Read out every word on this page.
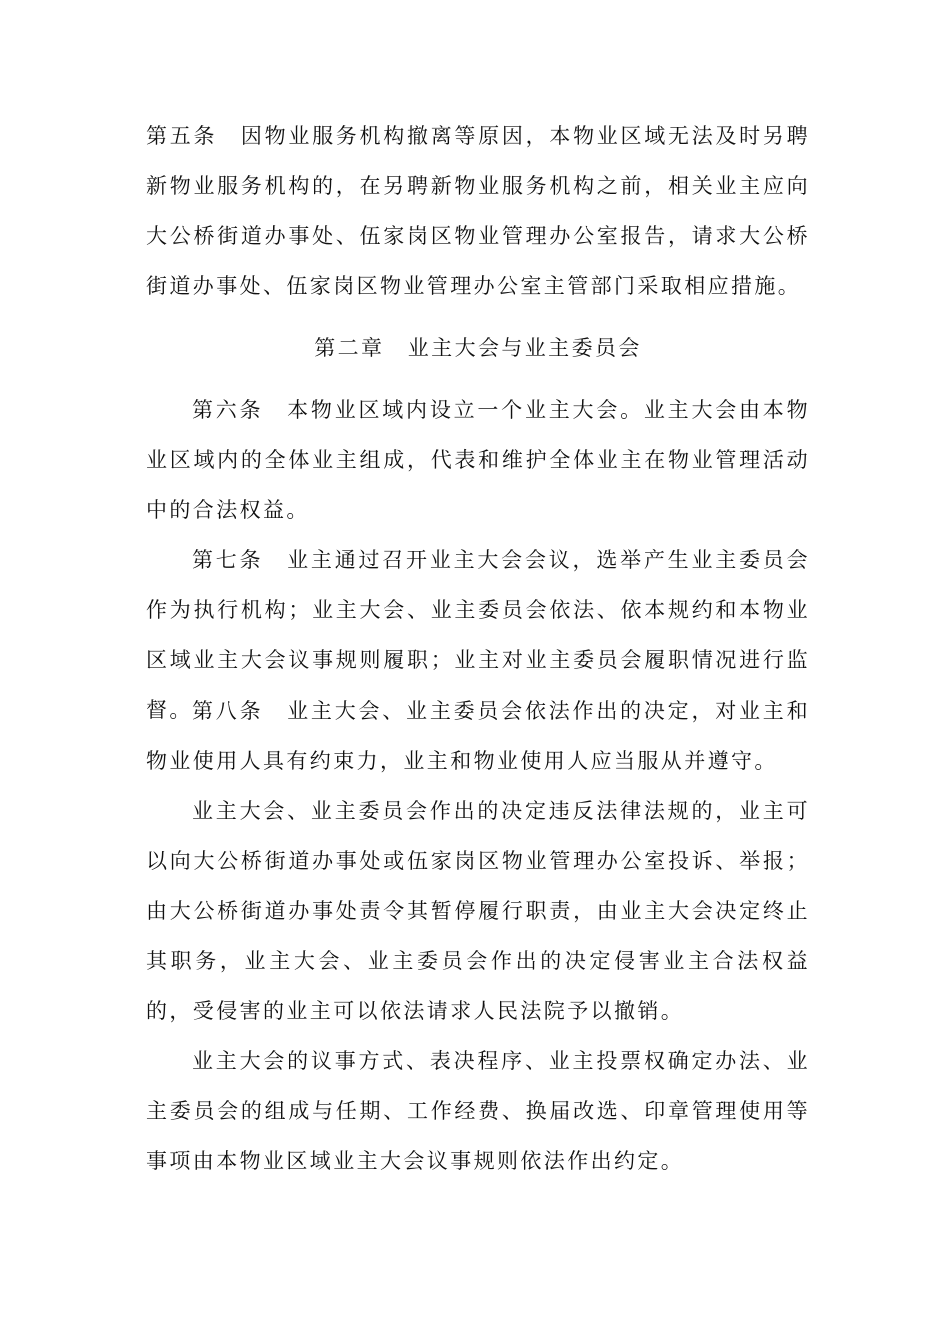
第五条　因物业服务机构撤离等原因，本物业区域无法及时另聘新物业服务机构的，在另聘新物业服务机构之前，相关业主应向大公桥街道办事处、伍家岗区物业管理办公室报告，请求大公桥街道办事处、伍家岗区物业管理办公室主管部门采取相应措施。

第二章　业主大会与业主委员会

第六条　本物业区域内设立一个业主大会。业主大会由本物业区域内的全体业主组成，代表和维护全体业主在物业管理活动中的合法权益。

第七条　业主通过召开业主大会会议，选举产生业主委员会作为执行机构；业主大会、业主委员会依法、依本规约和本物业区域业主大会议事规则履职；业主对业主委员会履职情况进行监督。 第八条　业主大会、业主委员会依法作出的决定，对业主和物业使用人具有约束力，业主和物业使用人应当服从并遵守。

业主大会、业主委员会作出的决定违反法律法规的，业主可以向大公桥街道办事处或伍家岗区物业管理办公室投诉、举报；由大公桥街道办事处责令其暂停履行职责，由业主大会决定终止其职务，业主大会、业主委员会作出的决定侵害业主合法权益的，受侵害的业主可以依法请求人民法院予以撤销。

业主大会的议事方式、表决程序、业主投票权确定办法、业主委员会的组成与任期、工作经费、换届改选、印章管理使用等事项由本物业区域业主大会议事规则依法作出约定。
